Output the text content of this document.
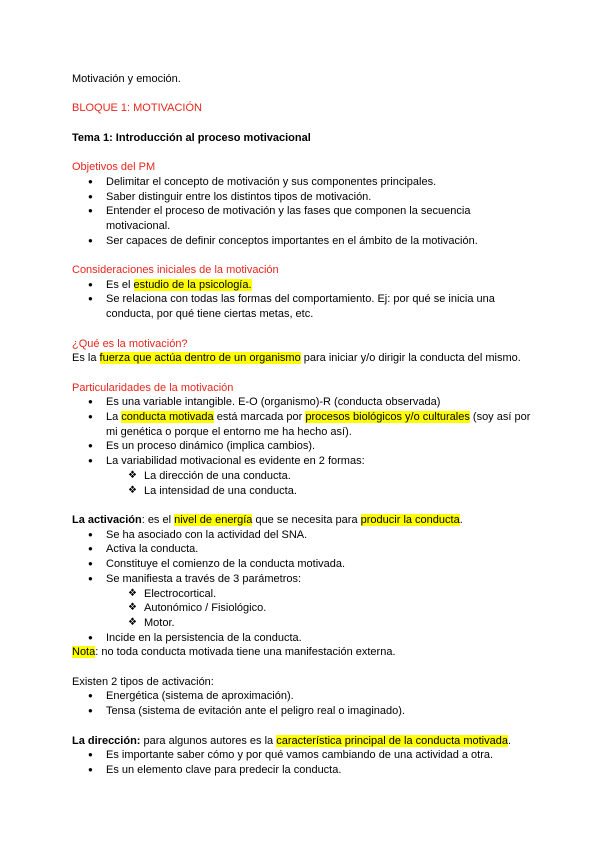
Motivación y emoción.

BLOQUE 1: MOTIVACIÓN

Tema 1: Introducción al proceso motivacional

Objetivos del PM

● Delimitar el concepto de motivación y sus componentes principales.
● Saber distinguir entre los distintos tipos de motivación.
● Entender el proceso de motivación y las fases que componen la secuencia motivacional.
● Ser capaces de definir conceptos importantes en el ámbito de la motivación.

Consideraciones iniciales de la motivación

● Es el estudio de la psicología.
● Se relaciona con todas las formas del comportamiento. Ej: por qué se inicia una conducta, por qué tiene ciertas metas, etc.

¿Qué es la motivación?

Es la fuerza que actúa dentro de un organismo para iniciar y/o dirigir la conducta del mismo.

Particularidades de la motivación

● Es una variable intangible. E-O (organismo)-R (conducta observada)
● La conducta motivada está marcada por procesos biológicos y/o culturales (soy así por mi genética o porque el entorno me ha hecho así).
● Es un proceso dinámico (implica cambios).
● La variabilidad motivacional es evidente en 2 formas:
❖ La dirección de una conducta.
❖ La intensidad de una conducta.

La activación: es el nivel de energía que se necesita para producir la conducta.

● Se ha asociado con la actividad del SNA.
● Activa la conducta.
● Constituye el comienzo de la conducta motivada.
● Se manifiesta a través de 3 parámetros:
❖ Electrocortical.
❖ Autonómico / Fisiológico.
❖ Motor.
● Incide en la persistencia de la conducta.

Nota: no toda conducta motivada tiene una manifestación externa.

Existen 2 tipos de activación:

● Energética (sistema de aproximación).
● Tensa (sistema de evitación ante el peligro real o imaginado).

La dirección: para algunos autores es la característica principal de la conducta motivada.

● Es importante saber cómo y por qué vamos cambiando de una actividad a otra.
● Es un elemento clave para predecir la conducta.
